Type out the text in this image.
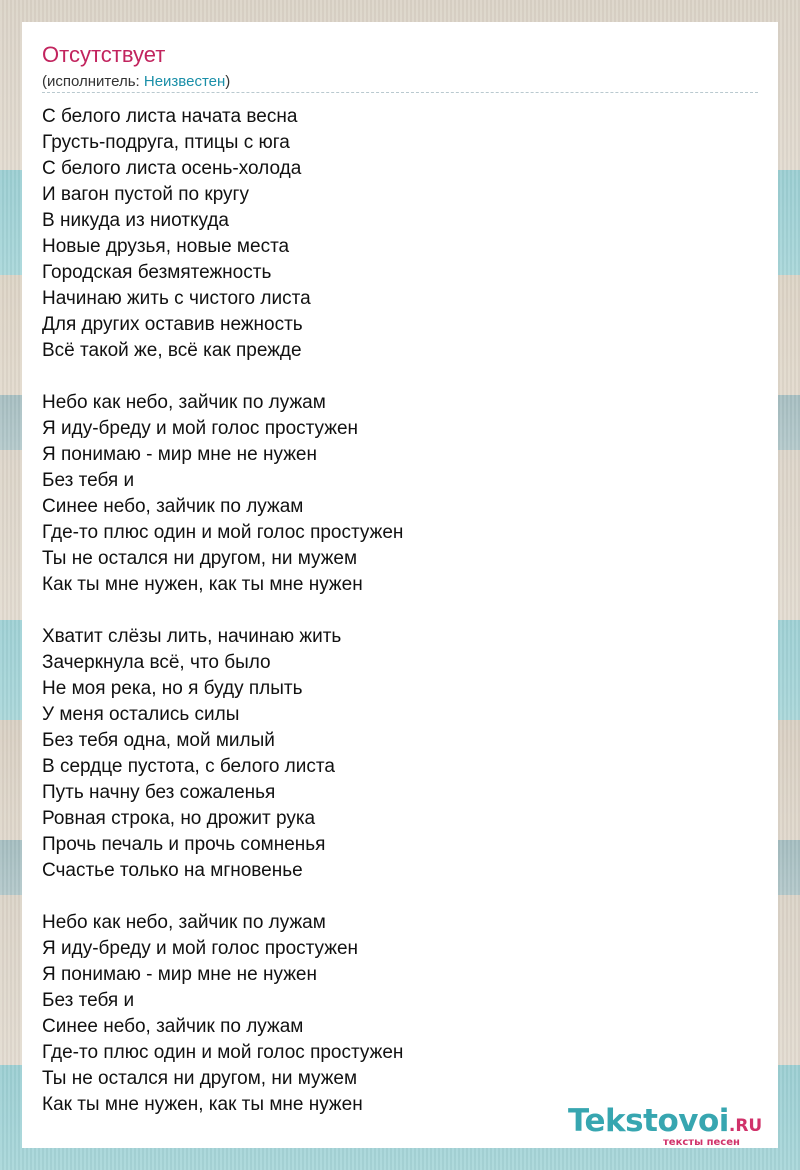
Отсутствует
(исполнитель: Неизвестен)
С белого листа начата весна
Грусть-подруга, птицы с юга
С белого листа осень-холода
И вагон пустой по кругу
В никуда из ниоткуда
Новые друзья, новые места
Городская безмятежность
Начинаю жить с чистого листа
Для других оставив нежность
Всё такой же, всё как прежде
Небо как небо, зайчик по лужам
Я иду-бреду и мой голос простужен
Я понимаю - мир мне не нужен
Без тебя и
Синее небо, зайчик по лужам
Где-то плюс один и мой голос простужен
Ты не остался ни другом, ни мужем
Как ты мне нужен, как ты мне нужен
Хватит слёзы лить, начинаю жить
Зачеркнула всё, что было
Не моя река, но я буду плыть
У меня остались силы
Без тебя одна, мой милый
В сердце пустота, с белого листа
Путь начну без сожаленья
Ровная строка, но дрожит рука
Прочь печаль и прочь сомненья
Счастье только на мгновенье
Небо как небо, зайчик по лужам
Я иду-бреду и мой голос простужен
Я понимаю - мир мне не нужен
Без тебя и
Синее небо, зайчик по лужам
Где-то плюс один и мой голос простужен
Ты не остался ни другом, ни мужем
Как ты мне нужен, как ты мне нужен	Tekstovoi.RU
тексты песен
